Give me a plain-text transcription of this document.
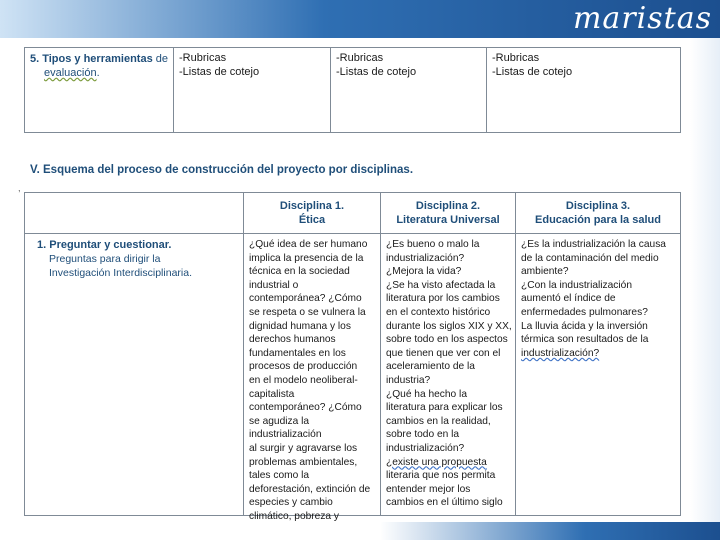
maristas
5. Tipos y herramientas de
evaluación.
-Rubricas
-Listas de cotejo
-Rubricas
-Listas de cotejo
-Rubricas
-Listas de cotejo
V. Esquema del proceso de construcción del proyecto por disciplinas.
,
Disciplina 1.
Ética
Disciplina 2.
Literatura Universal
Disciplina 3.
Educación para la salud
1. Preguntar y cuestionar.
Preguntas para dirigir la
Investigación Interdisciplinaria.

¿Qué idea de ser humano

implica la presencia de la

técnica en la sociedad

industrial o

contemporánea? ¿Cómo

se respeta o se vulnera la

dignidad humana y los

derechos humanos

fundamentales en los

procesos de producción

en el modelo neoliberal-

capitalista

contemporáneo? ¿Cómo

se agudiza la industrialización

al surgir y agravarse los

problemas ambientales,

tales como la

deforestación, extinción de

especies y cambio

climático, pobreza y

¿Es bueno o malo la

industrialización?

¿Mejora la vida?

¿Se ha visto afectada la

literatura por los cambios

en el contexto histórico

durante los siglos XIX y XX,

sobre todo en los aspectos

que tienen que ver con el

aceleramiento de la

industria?

¿Qué ha hecho la

literatura para explicar los

cambios en la realidad,

sobre todo en la

industrialización?

¿existe una propuesta

literaria que nos permita

entender mejor los

cambios en el último siglo

¿Es la industrialización la causa

de la contaminación del medio

ambiente?

¿Con la industrialización

aumentó el índice de

enfermedades pulmonares?

La lluvia ácida y la inversión

térmica son resultados de la

industrialización?
